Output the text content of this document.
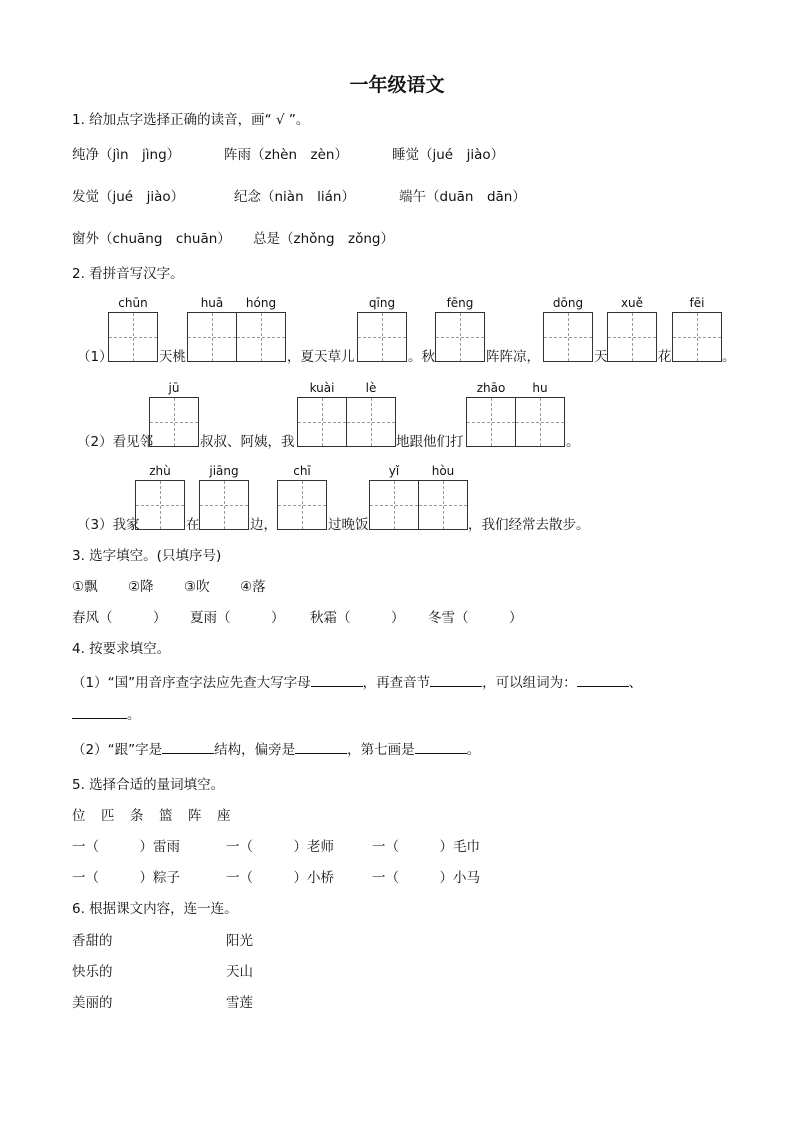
一年级语文
1. 给加点字选择正确的读音，画“ √ ”。
纯净（jìn　jìng）	阵雨（zhèn　zèn）	睡觉（jué　jiào）
发觉（jué　jiào）	纪念（niàn　lián）	端午（duān　dān）
窗外（chuāng　chuān） 总是（zhǒng　zǒng）
2. 看拼音写汉字。
chūn	huā	hóng	qīng	fēng	dōng	xuě	fēi
（1）	天桃	，夏天草儿	。秋	阵阵凉，	天	花	。
jū	kuài	lè	zhāo	hu
（2）看见邻	叔叔、阿姨，我	地跟他们打	。
zhù	jiāng	chī	yǐ	hòu
（3）我家	在	边，	过晚饭	，我们经常去散步。
3. 选字填空。(只填序号)
①飘 ②降 ③吹 ④落
春风（　　　） 夏雨（　　　） 秋霜（　　　） 冬雪（　　　）
4. 按要求填空。
（1）“国”用音序查字法应先查大写字母	，再查音节	，可以组词为：	、
。
（2）“跟”字是	结构，偏旁是	，第七画是	。
5. 选择合适的量词填空。
位　匹　条　篮　阵　座
一（　　　）雷雨	一（　　　）老师	一（　　　）毛巾
一（　　　）粽子	一（　　　）小桥	一（　　　）小马
6. 根据课文内容，连一连。
香甜的	阳光
快乐的	天山
美丽的	雪莲
